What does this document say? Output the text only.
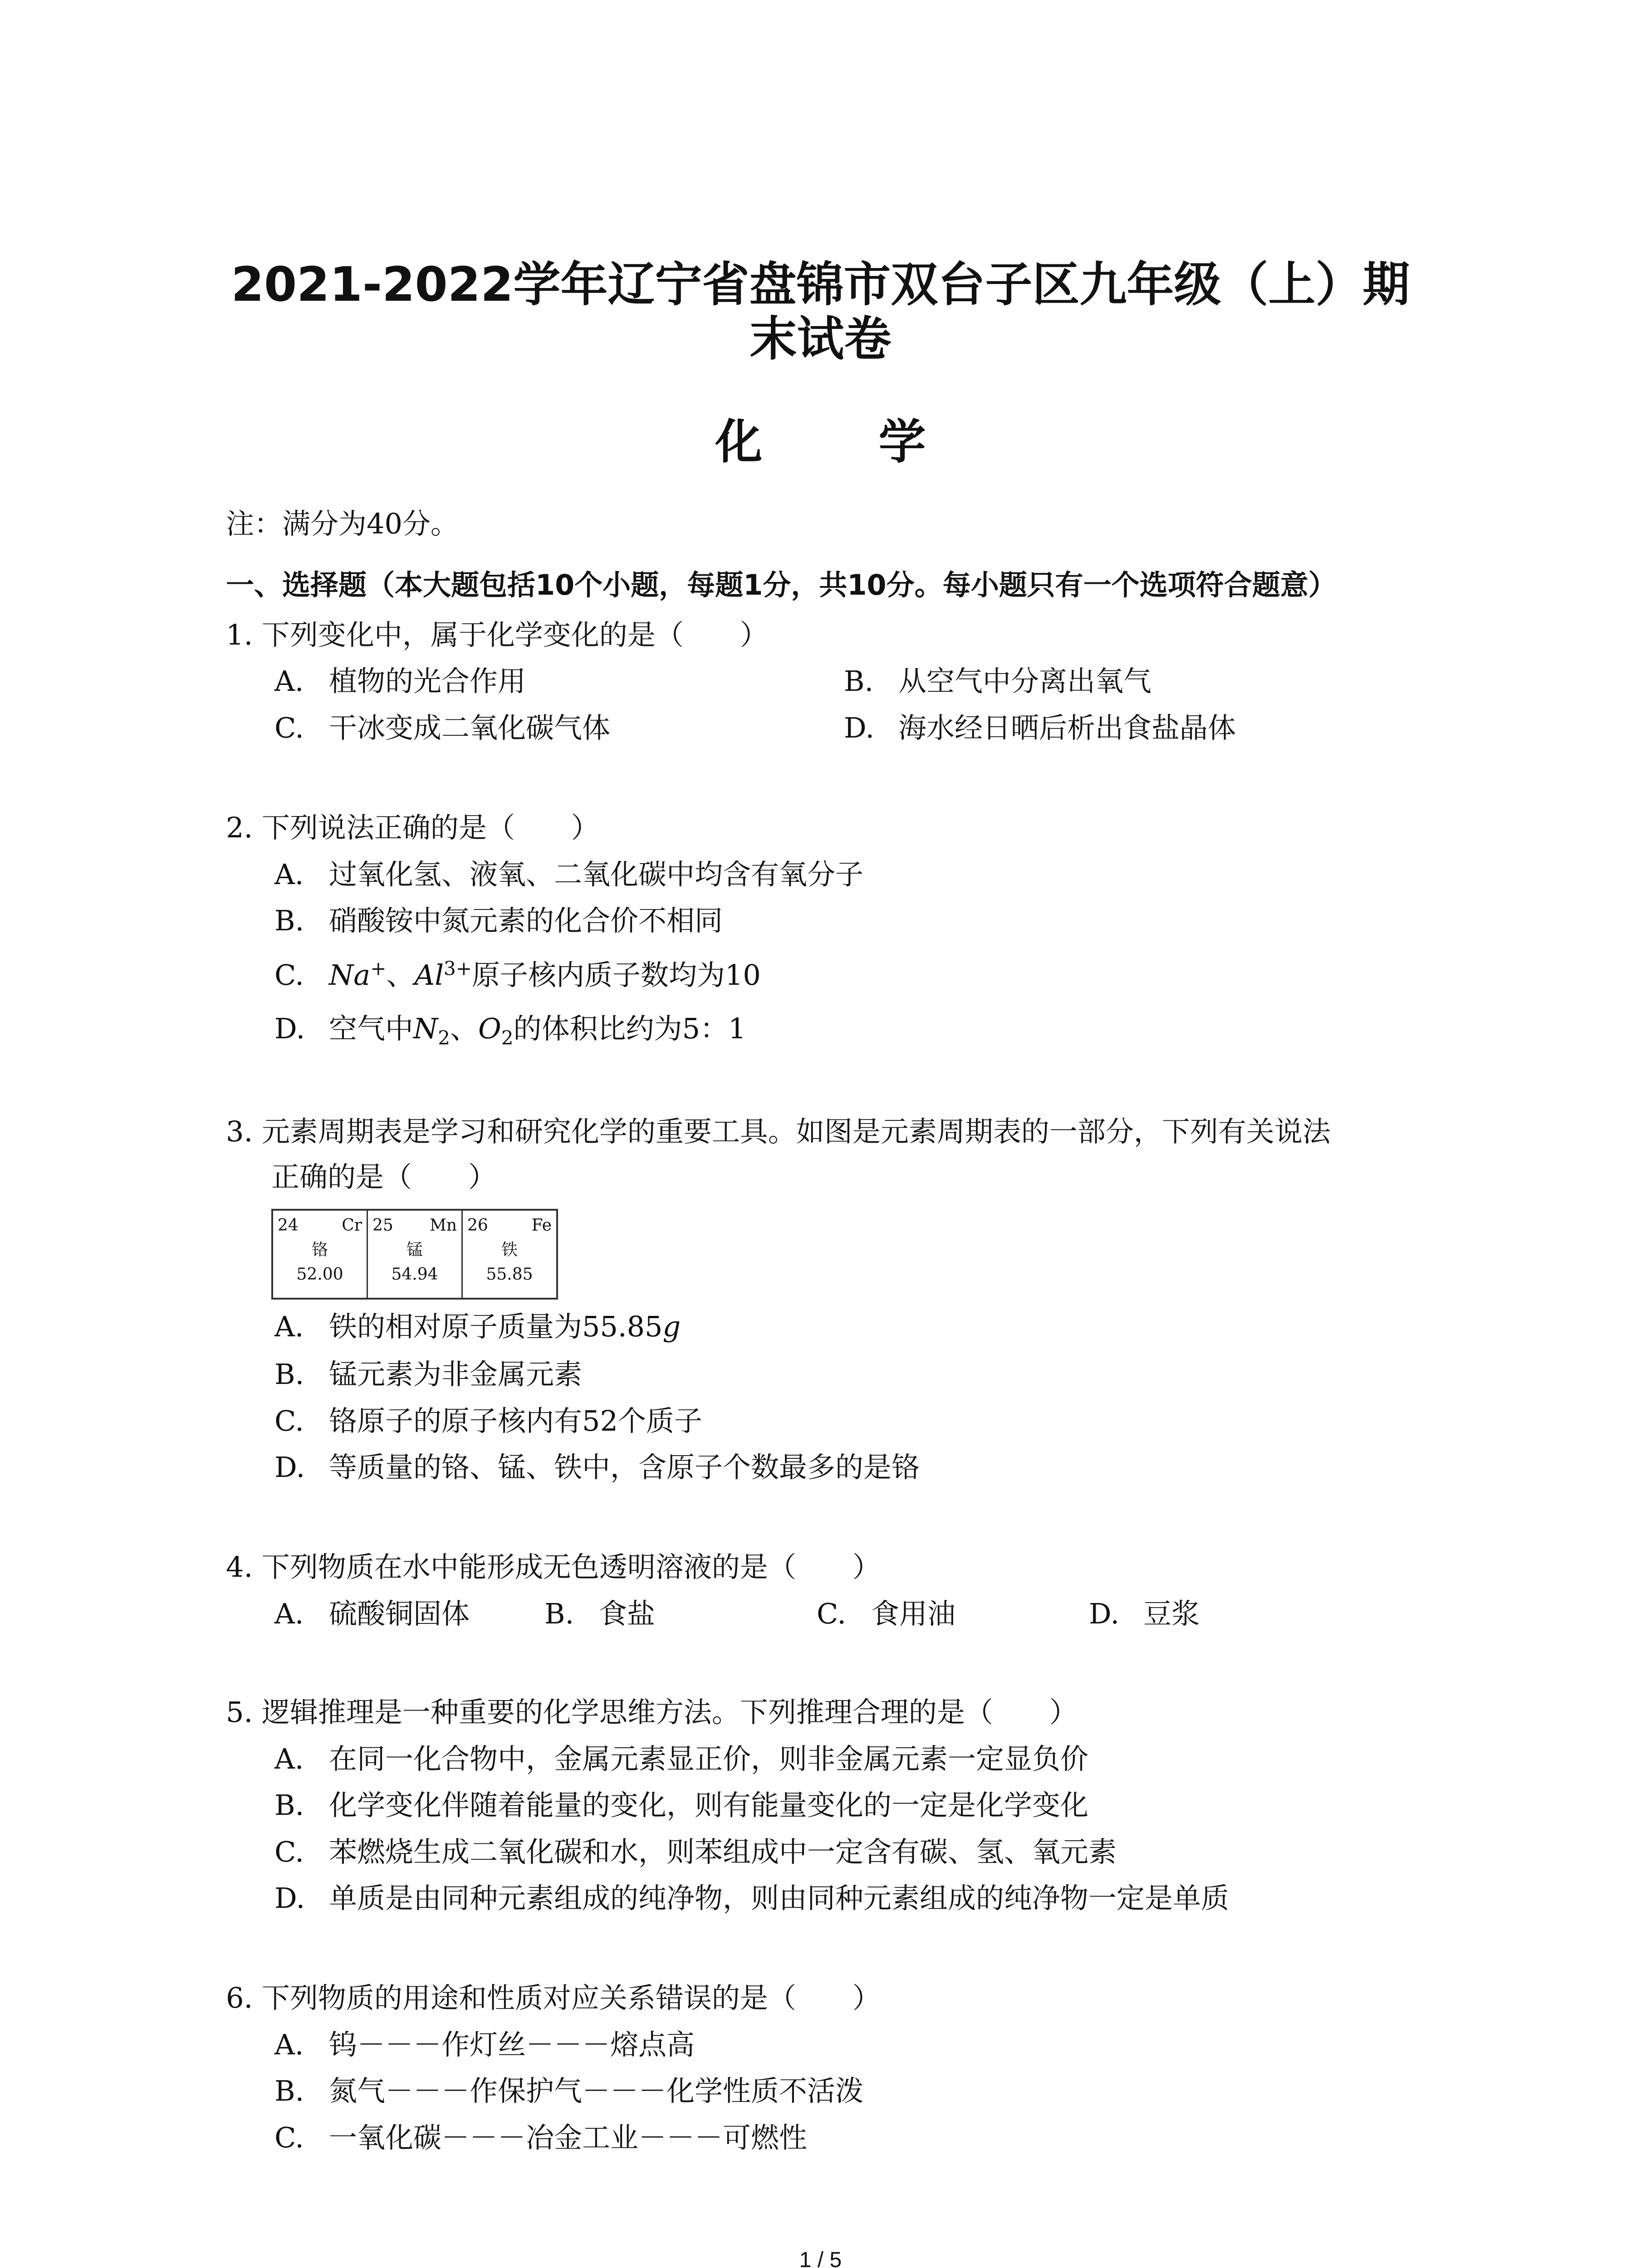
2021-2022学年辽宁省盘锦市双台子区九年级（上）期
末试卷
化 学
注：满分为40分。
一、选择题（本大题包括10个小题，每题1分，共10分。每小题只有一个选项符合题意）
1. 下列变化中，属于化学变化的是（　　）
A. 植物的光合作用	B. 从空气中分离出氧气
C. 干冰变成二氧化碳气体	D. 海水经日晒后析出食盐晶体
2. 下列说法正确的是（　　）
A. 过氧化氢、液氧、二氧化碳中均含有氧分子
B. 硝酸铵中氮元素的化合价不相同
C. Na+、$Al^{3+}$原子核内质子数均为10
D. 空气中$N_2$、$O_2$的体积比约为5：1
3. 元素周期表是学习和研究化学的重要工具。如图是元素周期表的一部分，下列有关说法
正确的是（　　）
24	Cr
铬
52.00

25 Mn
锰
54.94

26	Fe
铁
55.85
A. 铁的相对原子质量为55.85g
B. 锰元素为非金属元素
C. 铬原子的原子核内有52个质子
D. 等质量的铬、锰、铁中，含原子个数最多的是铬
4. 下列物质在水中能形成无色透明溶液的是（　　）
A. 硫酸铜固体	B. 食盐	C. 食用油	D. 豆浆
5. 逻辑推理是一种重要的化学思维方法。下列推理合理的是（　　）
A. 在同一化合物中，金属元素显正价，则非金属元素一定显负价
B. 化学变化伴随着能量的变化，则有能量变化的一定是化学变化
C. 苯燃烧生成二氧化碳和水，则苯组成中一定含有碳、氢、氧元素
D. 单质是由同种元素组成的纯净物，则由同种元素组成的纯净物一定是单质
6. 下列物质的用途和性质对应关系错误的是（　　）
A. 钨－－－作灯丝－－－熔点高
B. 氮气－－－作保护气－－－化学性质不活泼
C. 一氧化碳－－－冶金工业－－－可燃性
1 / 5
